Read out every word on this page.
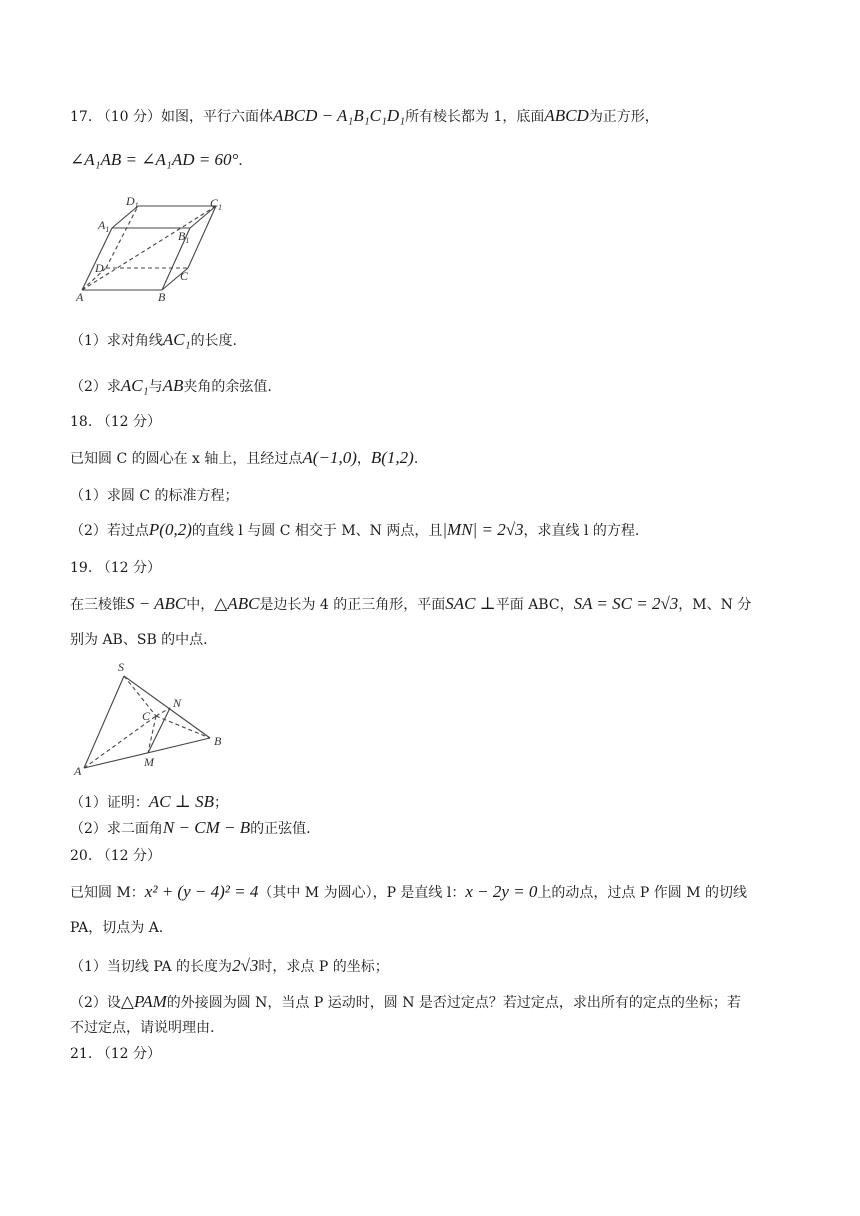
17. （10 分）如图，平行六面体ABCD − A₁B₁C₁D₁所有棱长都为 1，底面ABCD为正方形，
∠A₁AB = ∠A₁AD = 60°.
$D_1$	$C_1$
$A_1$	$B_1$
D
C
A	B
（1）求对角线AC₁的长度.
（2）求AC₁与AB夹角的余弦值.
18. （12 分）
已知圆 C 的圆心在 x 轴上，且经过点A(−1,0)，B(1,2).
（1）求圆 C 的标准方程；
（2）若过点P(0,2)的直线 l 与圆 C 相交于 M、N 两点，且|MN| = 2√3，求直线 l 的方程.
19. （12 分）
在三棱锥S − ABC中，△ABC是边长为 4 的正三角形，平面SAC ⊥平面 ABC，SA = SC = 2√3，M、N 分
别为 AB、SB 的中点.
S
N
C
B
M
A
（1）证明：AC ⊥ SB；
（2）求二面角N − CM − B的正弦值.
20. （12 分）
已知圆 M：x² + (y − 4)² = 4（其中 M 为圆心），P 是直线 l：x − 2y = 0上的动点，过点 P 作圆 M 的切线
PA，切点为 A.
（1）当切线 PA 的长度为2√3时，求点 P 的坐标；
（2）设△PAM的外接圆为圆 N，当点 P 运动时，圆 N 是否过定点？若过定点，求出所有的定点的坐标；若
不过定点，请说明理由.
21. （12 分）
